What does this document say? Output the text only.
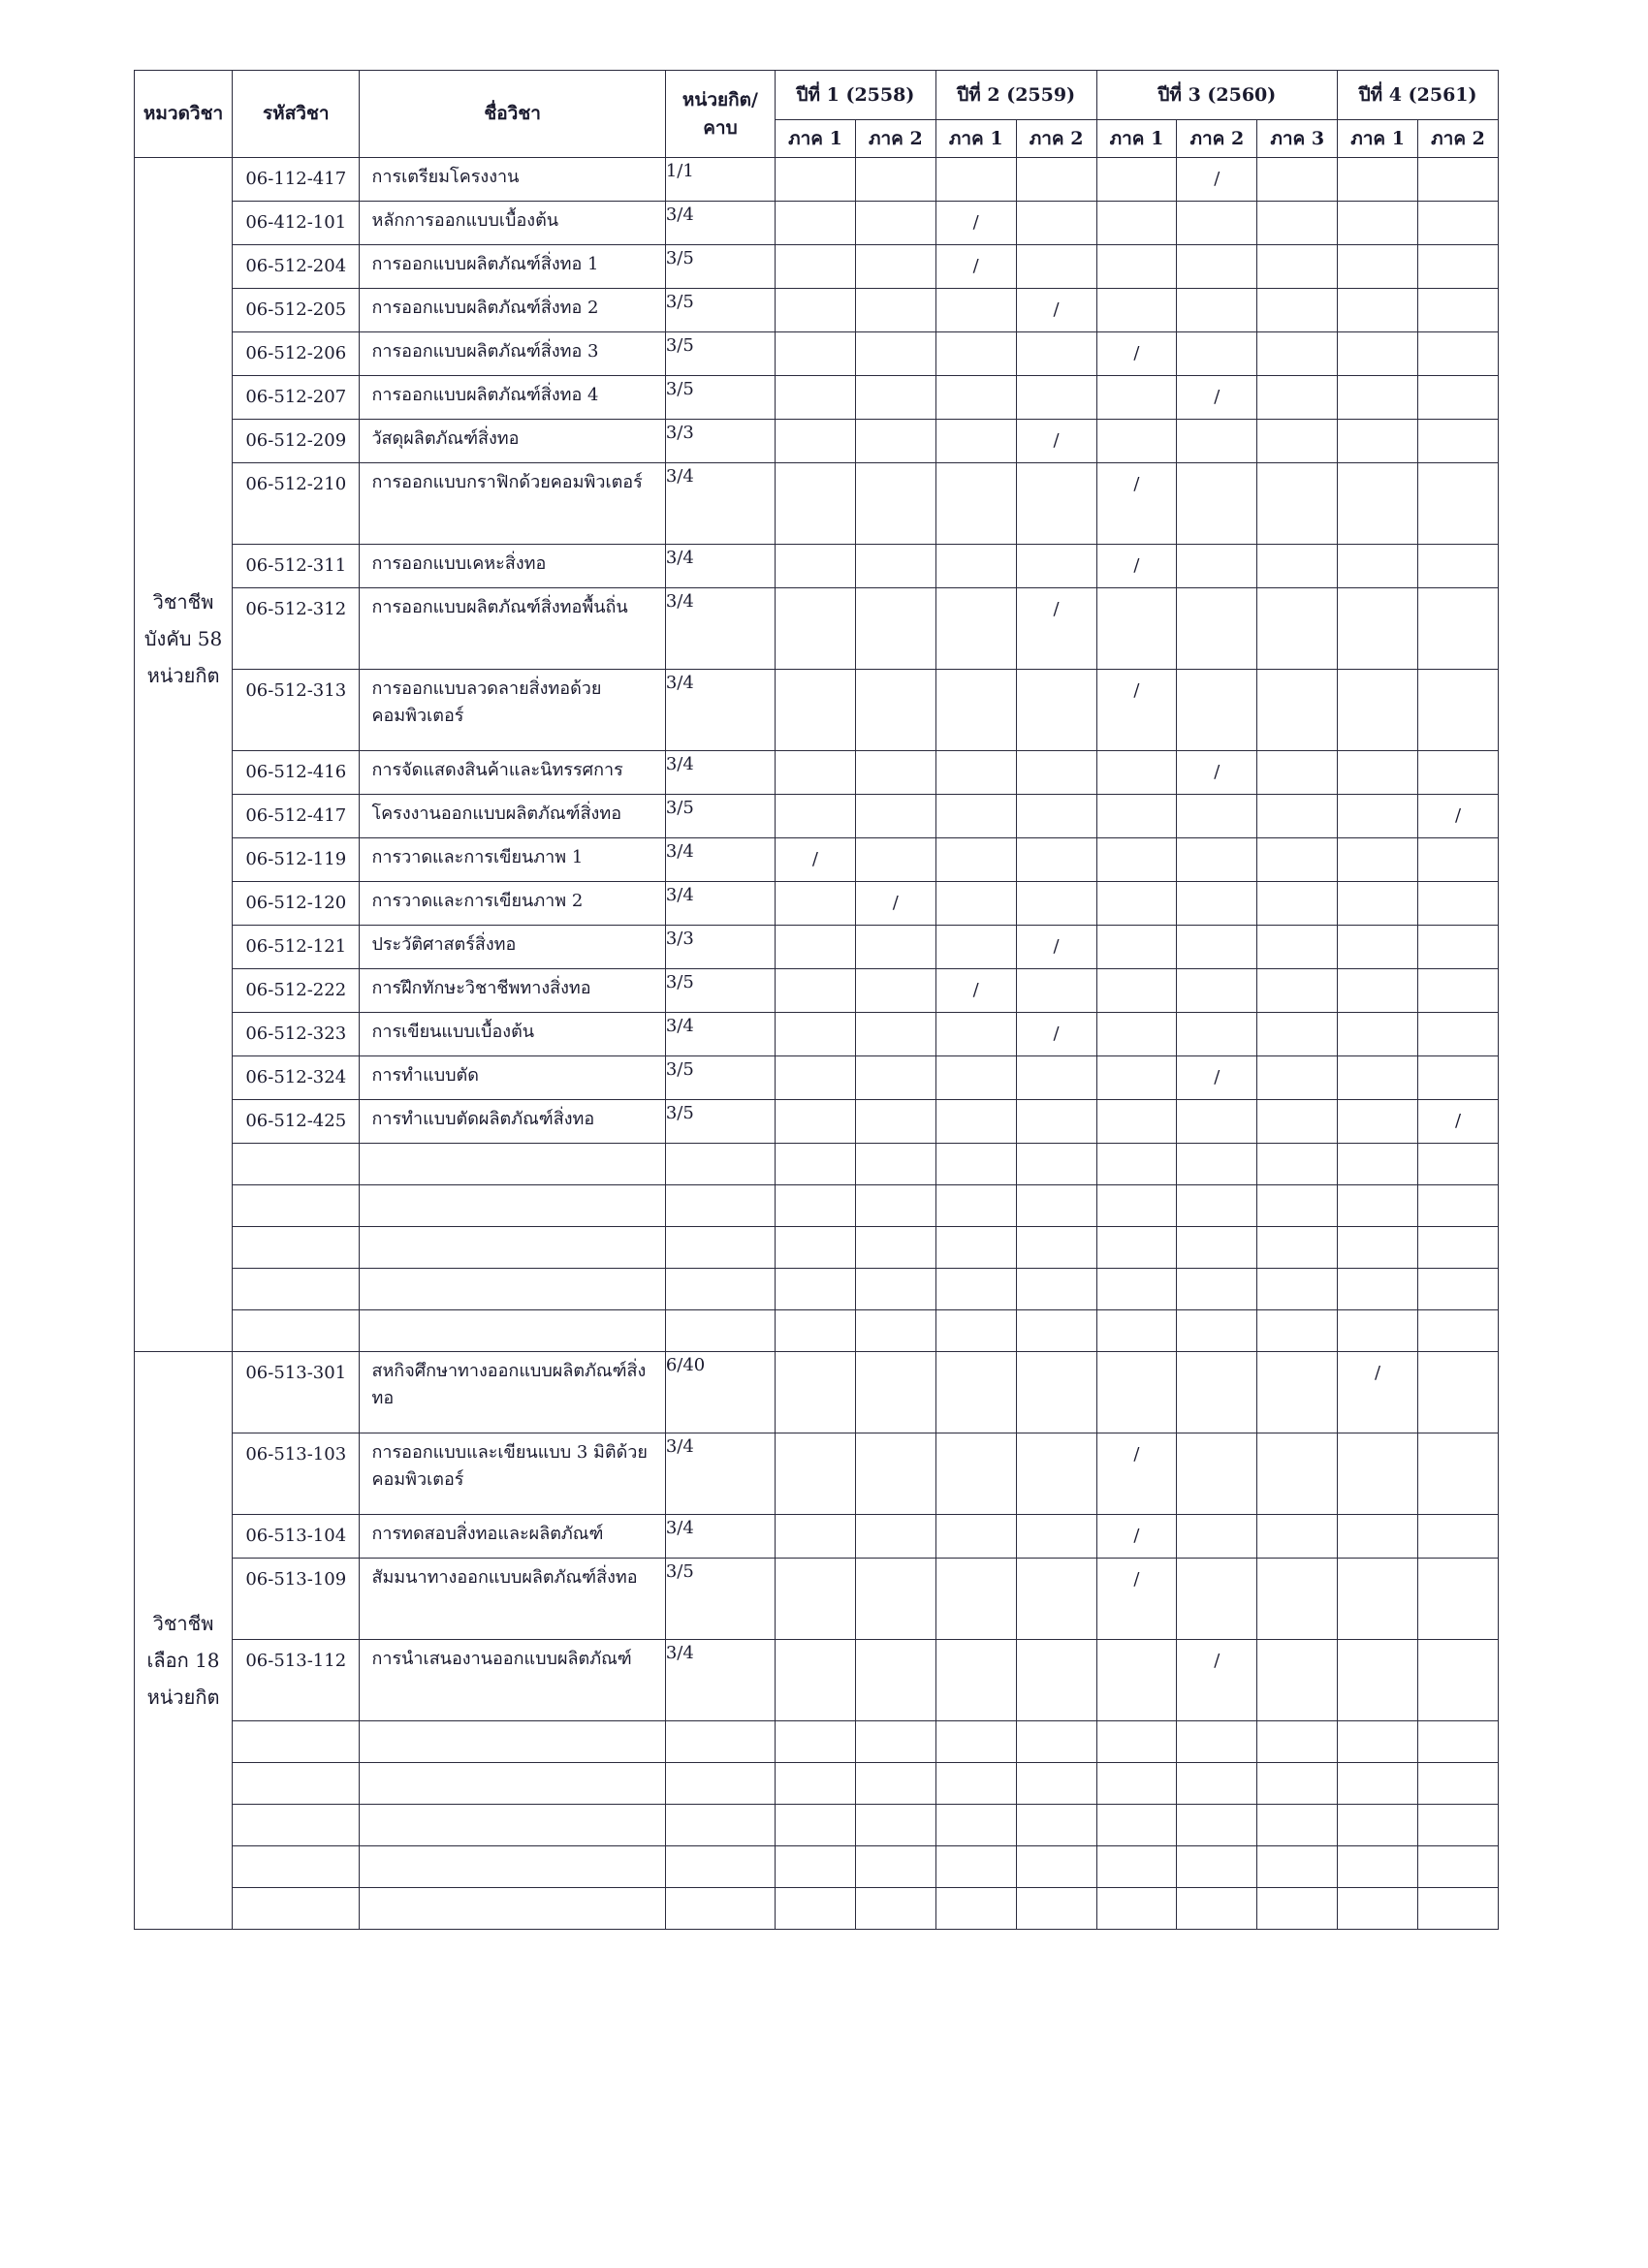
หมวดวิชา	รหัสวิชา	ชื่อวิชา	หน่วยกิต/คาบ	ปีที่ 1 (2558)		ปีที่ 2 (2559)		ปีที่ 3 (2560)			ปีที่ 4 (2561)	
				ภาค 1	ภาค 2	ภาค 1	ภาค 2	ภาค 1	ภาค 2	ภาค 3	ภาค 1	ภาค 2

วิชาชีพ บังคับ 58 หน่วยกิต	06-112-417	การเตรียมโครงงาน	1/1						/			
	06-412-101	หลักการออกแบบเบื้องต้น	3/4			/						
	06-512-204	การออกแบบผลิตภัณฑ์สิ่งทอ 1	3/5			/						
	06-512-205	การออกแบบผลิตภัณฑ์สิ่งทอ 2	3/5				/					
	06-512-206	การออกแบบผลิตภัณฑ์สิ่งทอ 3	3/5					/				
	06-512-207	การออกแบบผลิตภัณฑ์สิ่งทอ 4	3/5						/			
	06-512-209	วัสดุผลิตภัณฑ์สิ่งทอ	3/3				/					
	06-512-210	การออกแบบกราฟิกด้วยคอมพิวเตอร์	3/4					/				
	06-512-311	การออกแบบเคหะสิ่งทอ	3/4					/				
	06-512-312	การออกแบบผลิตภัณฑ์สิ่งทอพื้นถิ่น	3/4				/					
	06-512-313	การออกแบบลวดลายสิ่งทอด้วยคอมพิวเตอร์	3/4					/				
	06-512-416	การจัดแสดงสินค้าและนิทรรศการ	3/4						/			
	06-512-417	โครงงานออกแบบผลิตภัณฑ์สิ่งทอ	3/5									/
	06-512-119	การวาดและการเขียนภาพ 1	3/4	/								
	06-512-120	การวาดและการเขียนภาพ 2	3/4		/							
	06-512-121	ประวัติศาสตร์สิ่งทอ	3/3				/					
	06-512-222	การฝึกทักษะวิชาชีพทางสิ่งทอ	3/5			/						
	06-512-323	การเขียนแบบเบื้องต้น	3/4				/					
	06-512-324	การทำแบบตัด	3/5						/			
	06-512-425	การทำแบบตัดผลิตภัณฑ์สิ่งทอ	3/5									/

วิชาชีพ เลือก 18 หน่วยกิต	06-513-301	สหกิจศึกษาทางออกแบบผลิตภัณฑ์สิ่งทอ	6/40								/	
	06-513-103	การออกแบบและเขียนแบบ 3 มิติด้วยคอมพิวเตอร์	3/4					/				
	06-513-104	การทดสอบสิ่งทอและผลิตภัณฑ์	3/4					/				
	06-513-109	สัมมนาทางออกแบบผลิตภัณฑ์สิ่งทอ	3/5					/				
	06-513-112	การนำเสนองานออกแบบผลิตภัณฑ์	3/4						/			
